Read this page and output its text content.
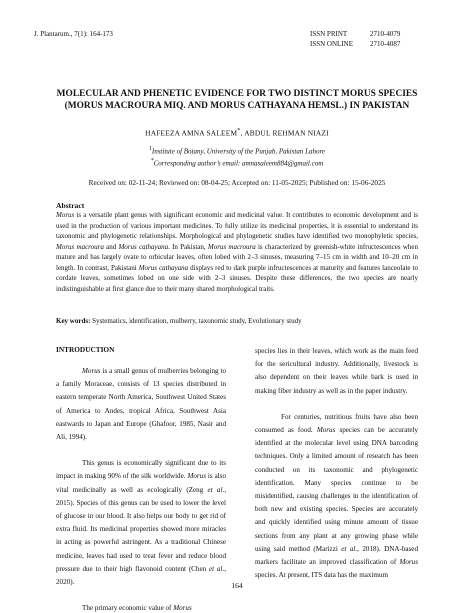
J. Plantarum., 7(1): 164-173	ISSN PRINT	2710-4079
ISSN ONLINE	2710-4087
MOLECULAR AND PHENETIC EVIDENCE FOR TWO DISTINCT MORUS SPECIES
(MORUS MACROURA MIQ. AND MORUS CATHAYANA HEMSL.) IN PAKISTAN
HAFEEZA AMNA SALEEM*, ABDUL REHMAN NIAZI
$^1$Institute of Botany, University of the Punjab, Pakistan Lahore
*Corresponding author’s email: amnasaleem884@gmail.com
Received on: 02-11-24; Reviewed on: 08-04-25; Accepted on: 11-05-2025; Published on: 15-06-2025
Abstract
Morus is a versatile plant genus with significant economic and medicinal value. It contributes to economic development and is used in the production of various important medicines. To fully utilize its medicinal properties, it is essential to understand its taxonomic and phylogenetic relationships. Morphological and phylogenetic studies have identified two monophyletic species, Morus macroura and Morus cathayana. In Pakistan, Morus macroura is characterized by greenish-white infructescences when mature and has largely ovate to orbicular leaves, often lobed with 2–3 sinuses, measuring 7–15 cm in width and 10–20 cm in length. In contrast, Pakistani Morus cathayana displays red to dark purple infructescences at maturity and features lanceolate to cordate leaves, sometimes lobed on one side with 2–3 sinuses. Despite these differences, the two species are nearly indistinguishable at first glance due to their many shared morphological traits.
Key words: Systematics, identification, mulberry, taxonomic study, Evolutionary study
INTRODUCTION

Morus is a small genus of mulberries belonging to a family Moraceae, consists of 13 species distributed in eastern temperate North America, Southwest United States of America to Andes, tropical Africa, Southwest Asia eastwards to Japan and Europe (Ghafoor, 1985, Nasir and Ali, 1994).

This genus is economically significant due to its impact in making 90% of the silk worldwide. Morus is also vital medicinally as well as ecologically (Zeng et al., 2015). Species of this genus can be used to lower the level of glucose in our blood. It also helps our body to get rid of extra fluid. Its medicinal properties showed more miracles in acting as powerful astringent. As a traditional Chinese medicine, leaves had used to treat fever and reduce blood pressure due to their high flavonoid content (Chen et al., 2020).

The primary economic value of Morus

species lies in their leaves, which work as the main feed for the sericultural industry. Additionally, livestock is also dependent on their leaves while bark is used in making fiber industry as well as in the paper industry.

For centuries, nutritious fruits have also been consumed as food. Morus species can be accurately identified at the molecular level using DNA barcoding techniques. Only a limited amount of research has been conducted on its taxonomic and phylogenetic identification. Many species continue to be misidentified, causing challenges in the identification of both new and existing species. Species are accurately and quickly identified using minute amount of tissue sections from any plant at any growing phase while using said method (Marizzi et al., 2018). DNA-based markers facilitate an improved classification of Morus species. At present, ITS data has the maximum

164
